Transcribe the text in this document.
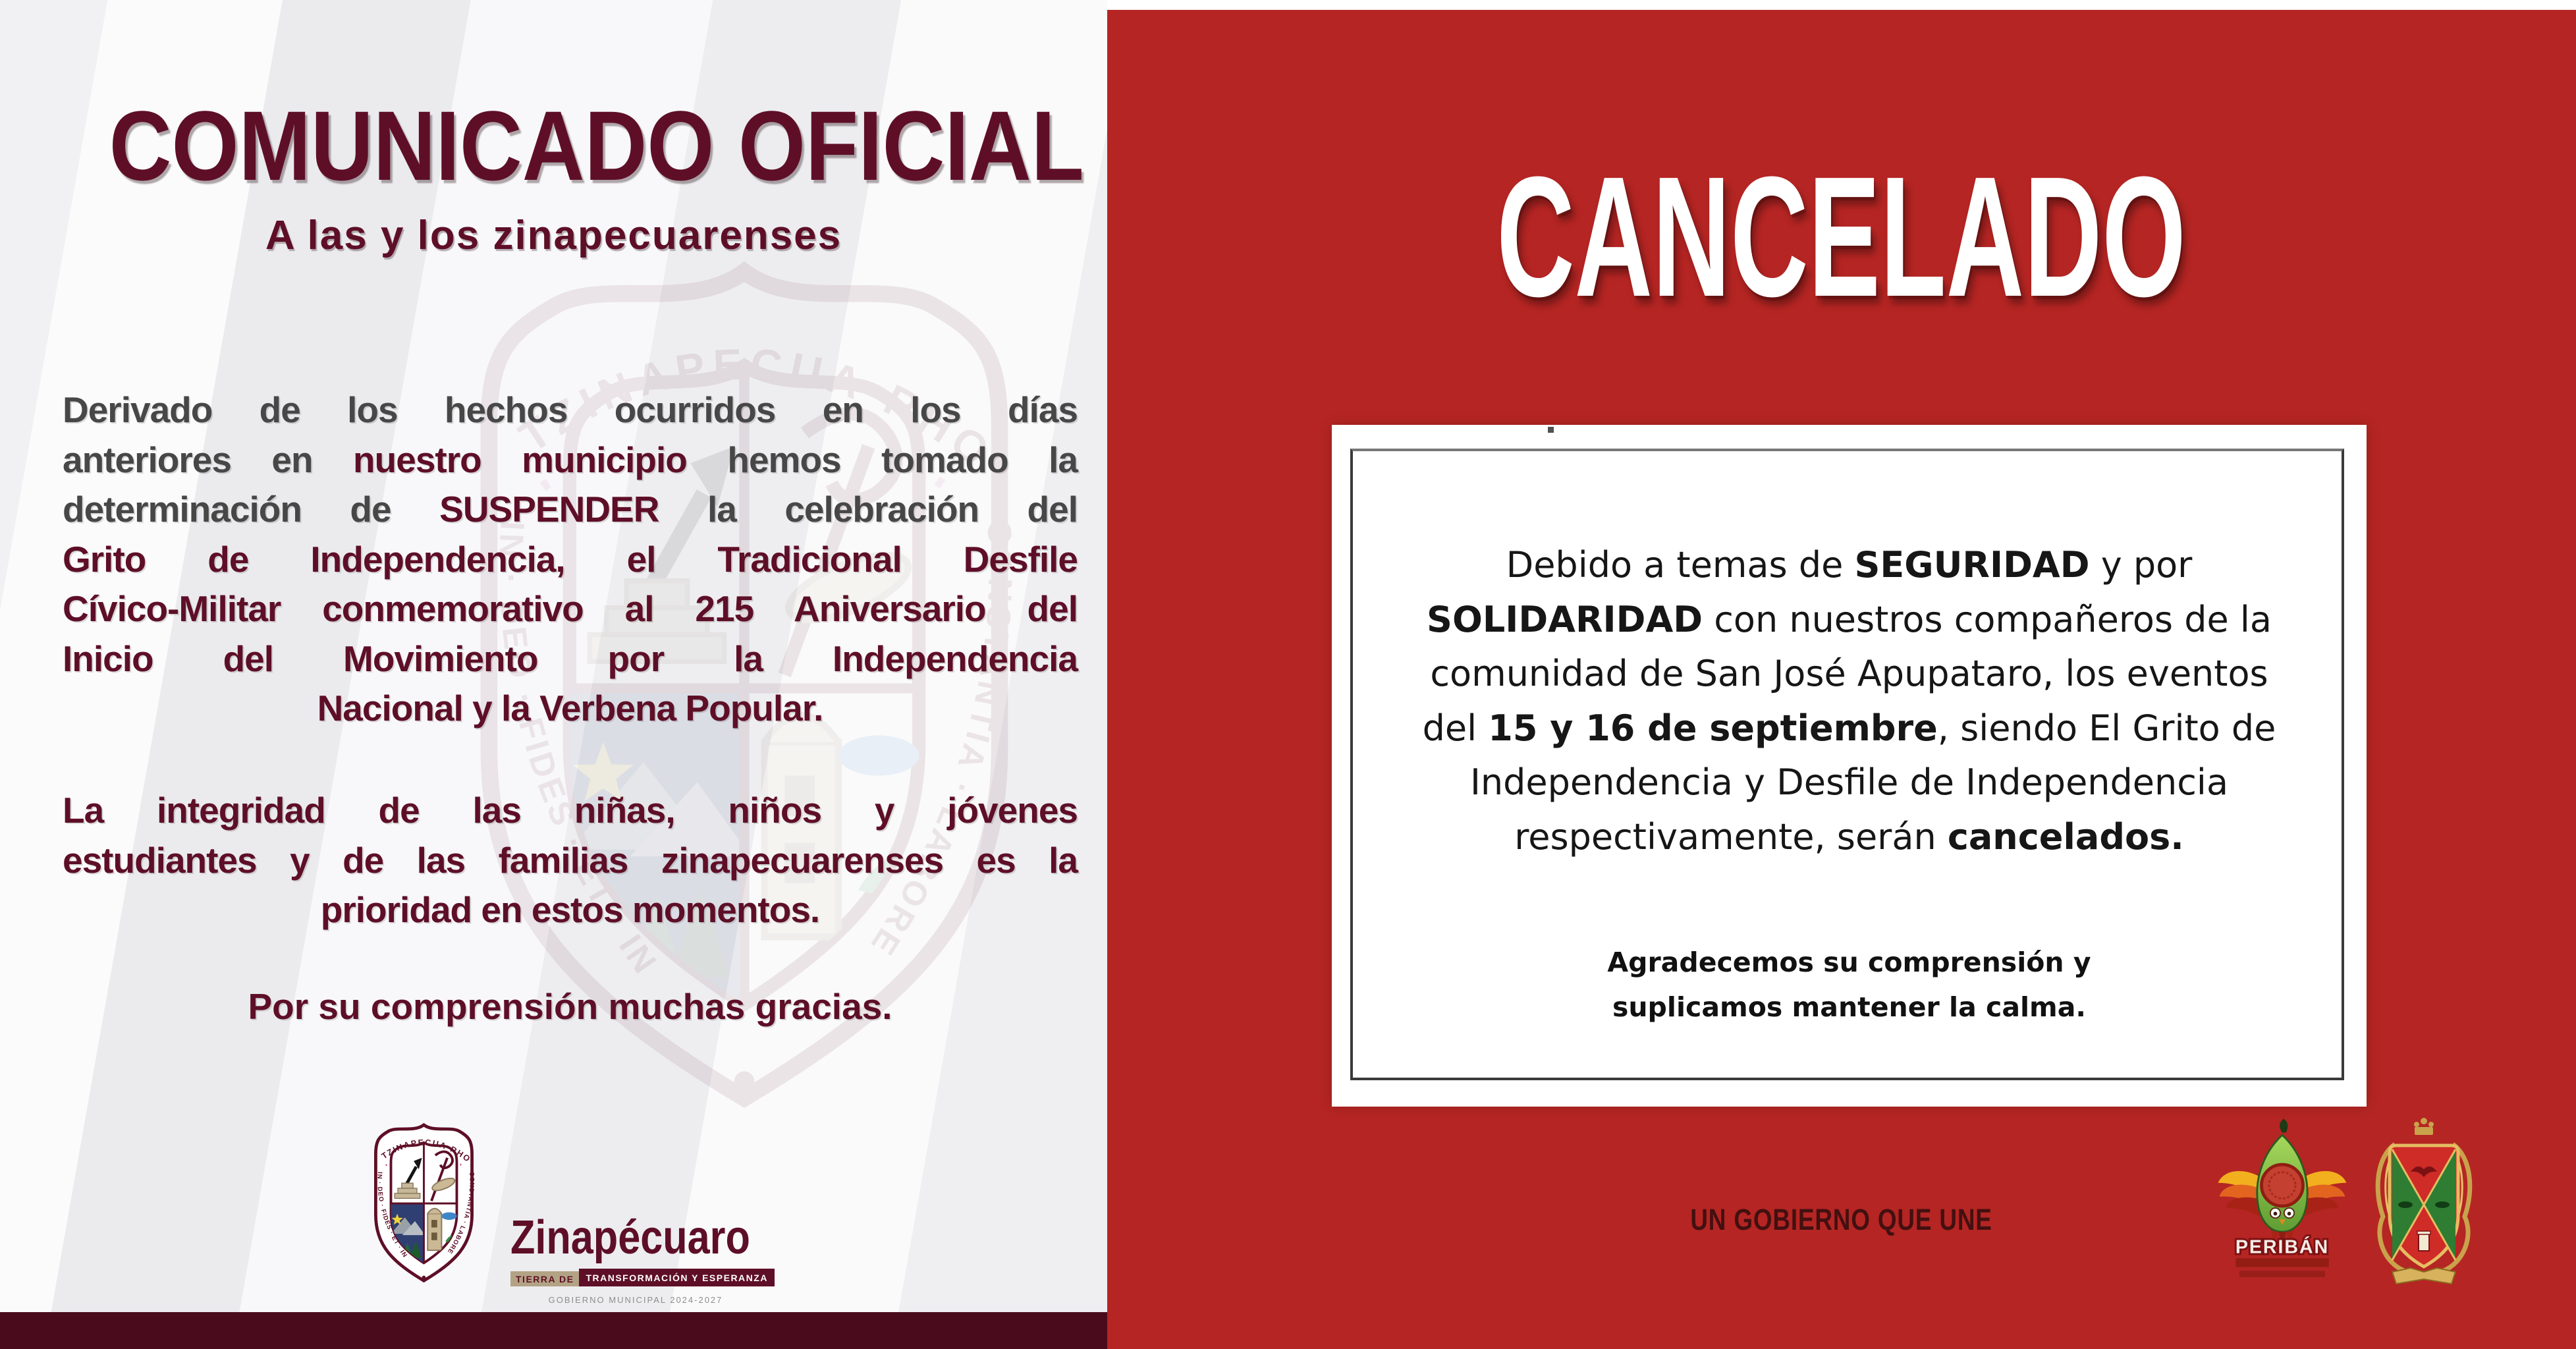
COMUNICADO OFICIAL
A las y los zinapecuarenses
Derivado de los hechos ocurridos en los días
anteriores en nuestro municipio hemos tomado la
determinación de SUSPENDER la celebración del
Grito de Independencia, el Tradicional Desfile
Cívico-Militar conmemorativo al 215 Aniversario del
Inicio del Movimiento por la Independencia
Nacional y la Verbena Popular.
La integridad de las niñas, niños y jóvenes
estudiantes y de las familias zinapecuarenses es la
prioridad en estos momentos.
Por su comprensión muchas gracias.
Zinapécuaro
TIERRA DE	TRANSFORMACIÓN Y ESPERANZA
GOBIERNO MUNICIPAL 2024-2027
CANCELADO
Debido a temas de SEGURIDAD y por
SOLIDARIDAD con nuestros compañeros de la
comunidad de San José Apupataro, los eventos
del 15 y 16 de septiembre, siendo El Grito de
Independencia y Desfile de Independencia
respectivamente, serán cancelados.
Agradecemos su comprensión y
suplicamos mantener la calma.
UN GOBIERNO QUE UNE
PERIBÁN
